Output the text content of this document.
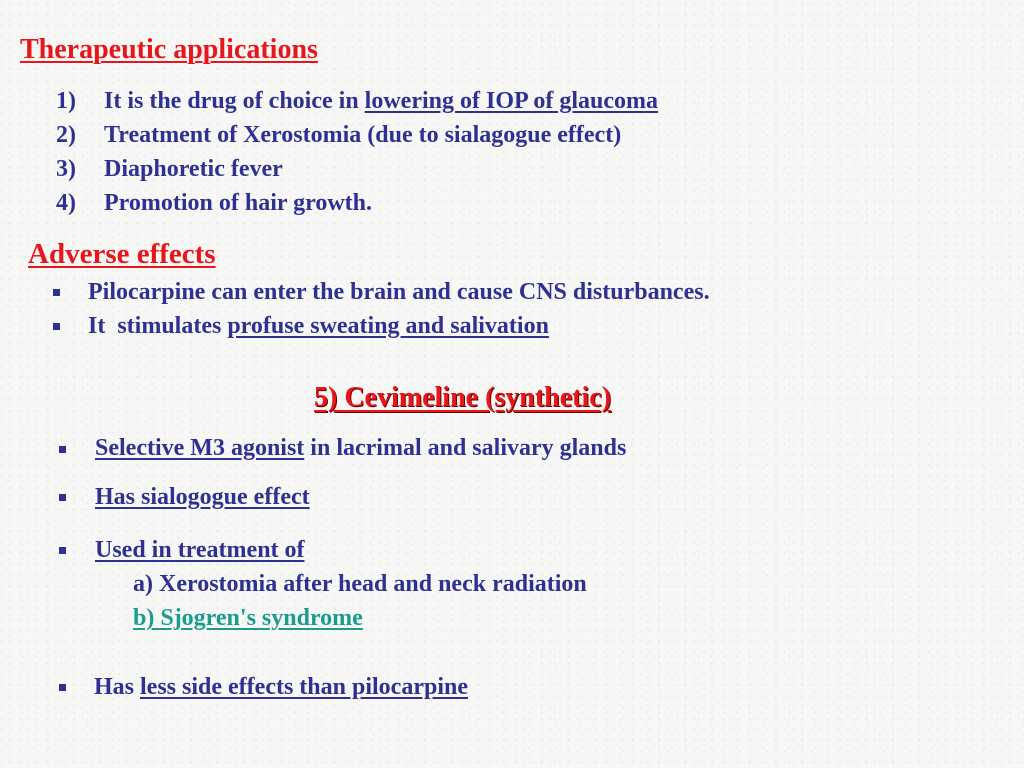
Therapeutic applications
1) It is the drug of choice in lowering of IOP of glaucoma
2) Treatment of Xerostomia (due to sialagogue effect)
3) Diaphoretic fever
4) Promotion of hair growth.
Adverse effects
Pilocarpine can enter the brain and cause CNS disturbances.
It  stimulates profuse sweating and salivation
5) Cevimeline (synthetic)
Selective M3 agonist in lacrimal and salivary glands
Has sialogogue effect
Used in treatment of
a) Xerostomia after head and neck radiation
b) Sjogren's syndrome
Has less side effects than pilocarpine
